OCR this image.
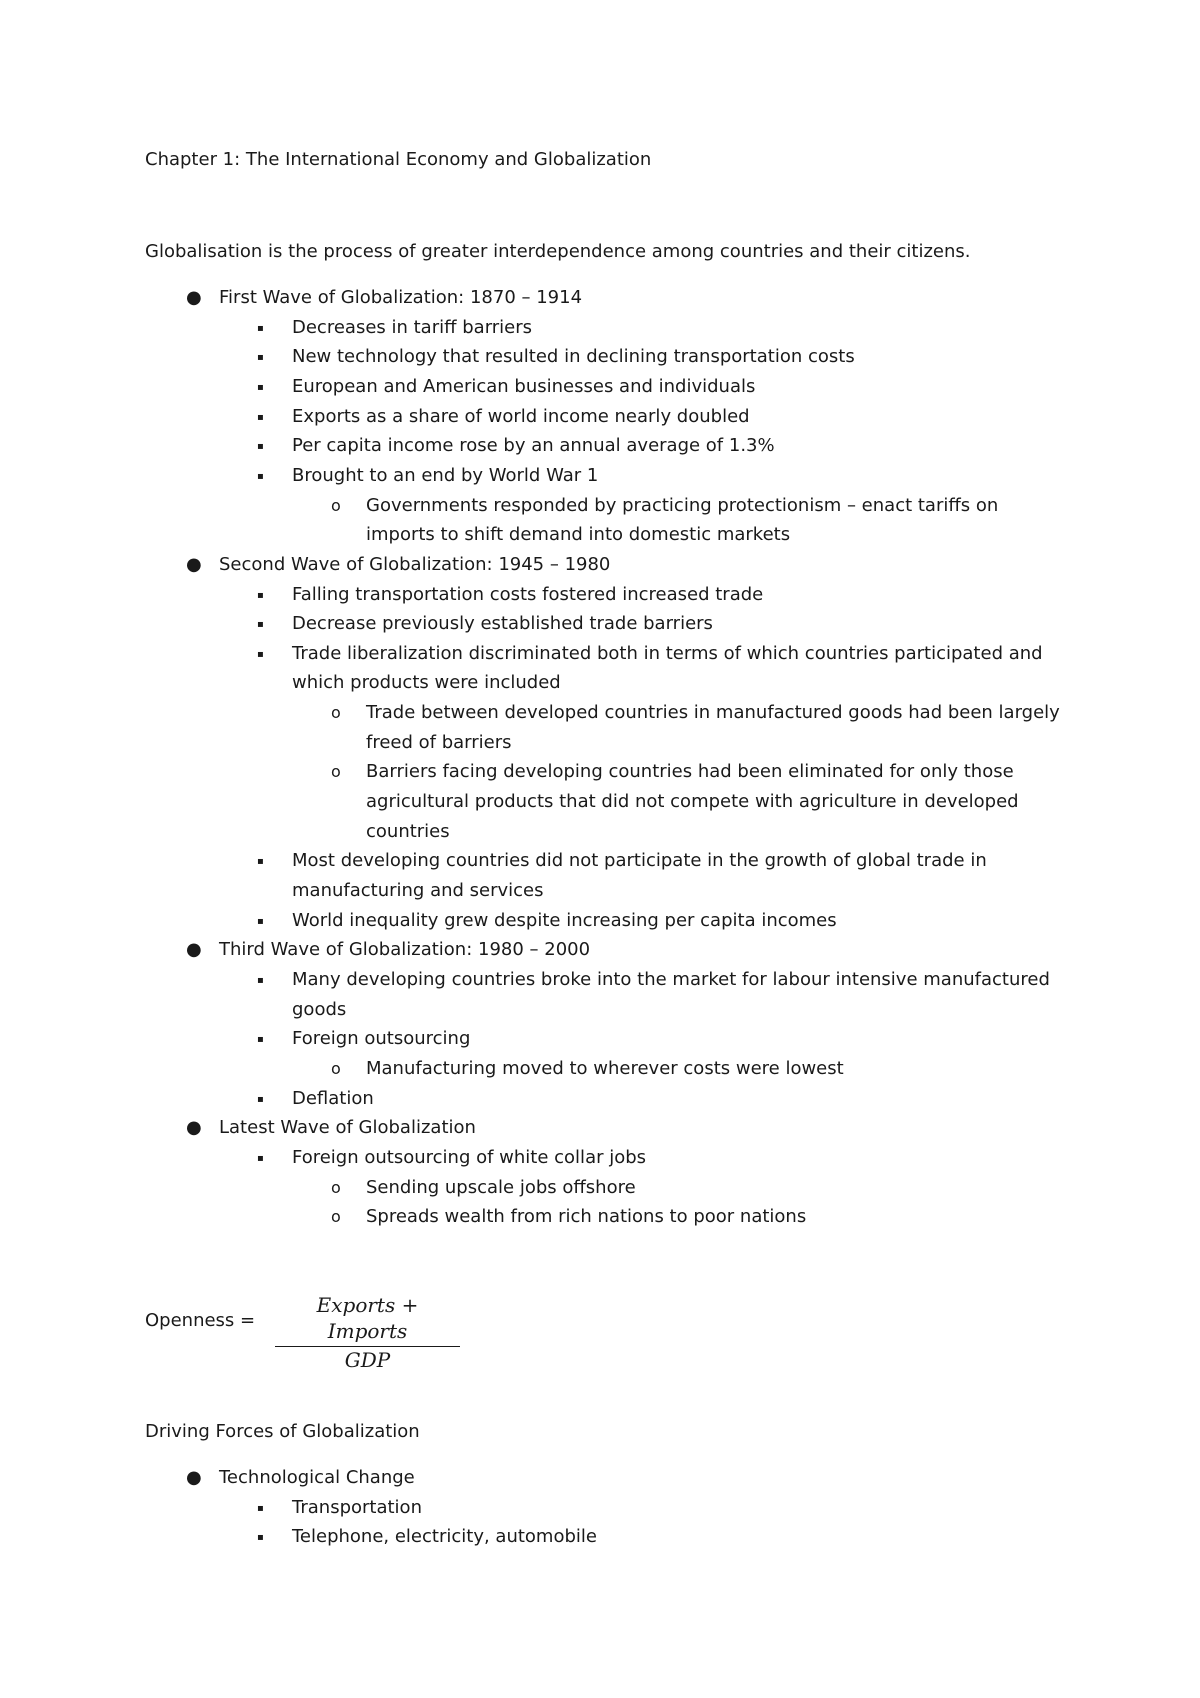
Chapter 1: The International Economy and Globalization
Globalisation is the process of greater interdependence among countries and their citizens.
● First Wave of Globalization: 1870 – 1914
▪ Decreases in tariff barriers
▪ New technology that resulted in declining transportation costs
▪ European and American businesses and individuals
▪ Exports as a share of world income nearly doubled
▪ Per capita income rose by an annual average of 1.3%
▪ Brought to an end by World War 1
o Governments responded by practicing protectionism – enact tariffs on
imports to shift demand into domestic markets
● Second Wave of Globalization: 1945 – 1980
▪ Falling transportation costs fostered increased trade
▪ Decrease previously established trade barriers
▪ Trade liberalization discriminated both in terms of which countries participated and
which products were included
o Trade between developed countries in manufactured goods had been largely
freed of barriers
o Barriers facing developing countries had been eliminated for only those
agricultural products that did not compete with agriculture in developed
countries
▪ Most developing countries did not participate in the growth of global trade in
manufacturing and services
▪ World inequality grew despite increasing per capita incomes
● Third Wave of Globalization: 1980 – 2000
▪ Many developing countries broke into the market for labour intensive manufactured
goods
▪ Foreign outsourcing
o Manufacturing moved to wherever costs were lowest
▪ Deflation
● Latest Wave of Globalization
▪ Foreign outsourcing of white collar jobs
o Sending upscale jobs offshore
o Spreads wealth from rich nations to poor nations
Openness =
Exports + Imports
GDP
Driving Forces of Globalization
● Technological Change
▪ Transportation
▪ Telephone, electricity, automobile
